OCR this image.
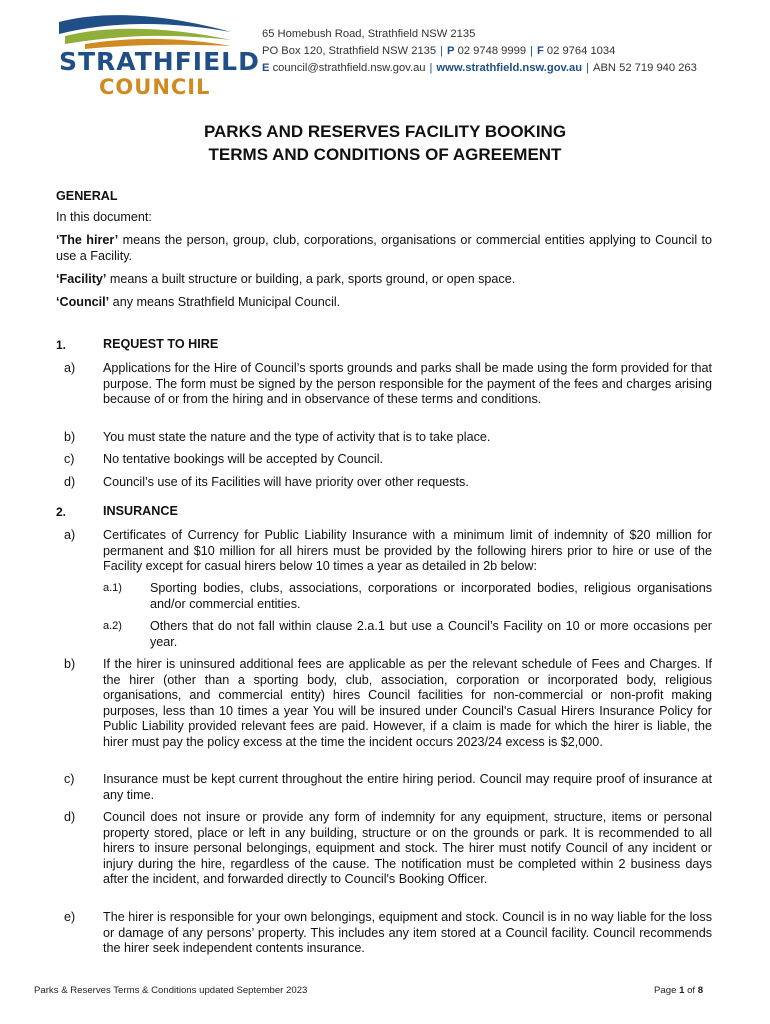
STRATHFIELD
COUNCIL
65 Homebush Road, Strathfield NSW 2135
PO Box 120, Strathfield NSW 2135 | P 02 9748 9999 | F 02 9764 1034
E council@strathfield.nsw.gov.au | www.strathfield.nsw.gov.au | ABN 52 719 940 263
PARKS AND RESERVES FACILITY BOOKING
TERMS AND CONDITIONS OF AGREEMENT
GENERAL

In this document:

‘The hirer’ means the person, group, club, corporations, organisations or commercial entities applying to Council to use a Facility.

‘Facility’ means a built structure or building, a park, sports ground, or open space.

‘Council’ any means Strathfield Municipal Council.

1.	REQUEST TO HIRE
a) Applications for the Hire of Council’s sports grounds and parks shall be made using the form provided for that purpose. The form must be signed by the person responsible for the payment of the fees and charges arising because of or from the hiring and in observance of these terms and conditions.
b) You must state the nature and the type of activity that is to take place.
c) No tentative bookings will be accepted by Council.
d) Council’s use of its Facilities will have priority over other requests.
2.	INSURANCE
a) Certificates of Currency for Public Liability Insurance with a minimum limit of indemnity of $20 million for permanent and $10 million for all hirers must be provided by the following hirers prior to hire or use of the Facility except for casual hirers below 10 times a year as detailed in 2b below:
a.1) Sporting bodies, clubs, associations, corporations or incorporated bodies, religious organisations and/or commercial entities.
a.2) Others that do not fall within clause 2.a.1 but use a Council’s Facility on 10 or more occasions per year.
b) If the hirer is uninsured additional fees are applicable as per the relevant schedule of Fees and Charges. If the hirer (other than a sporting body, club, association, corporation or incorporated body, religious organisations, and commercial entity) hires Council facilities for non-commercial or non-profit making purposes, less than 10 times a year You will be insured under Council's Casual Hirers Insurance Policy for Public Liability provided relevant fees are paid. However, if a claim is made for which the hirer is liable, the hirer must pay the policy excess at the time the incident occurs 2023/24 excess is $2,000.
c) Insurance must be kept current throughout the entire hiring period. Council may require proof of insurance at any time.
d) Council does not insure or provide any form of indemnity for any equipment, structure, items or personal property stored, place or left in any building, structure or on the grounds or park. It is recommended to all hirers to insure personal belongings, equipment and stock. The hirer must notify Council of any incident or injury during the hire, regardless of the cause. The notification must be completed within 2 business days after the incident, and forwarded directly to Council's Booking Officer.
e) The hirer is responsible for your own belongings, equipment and stock. Council is in no way liable for the loss or damage of any persons’ property. This includes any item stored at a Council facility. Council recommends the hirer seek independent contents insurance.
Parks & Reserves Terms & Conditions updated September 2023	Page 1 of 8
